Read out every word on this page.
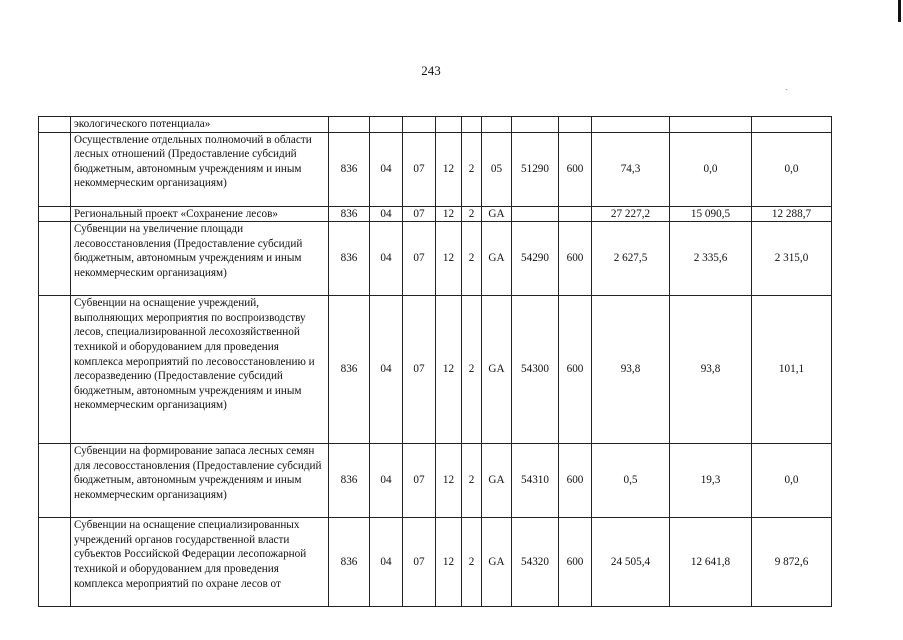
243
ˏ
	экологического потенциала»											
	Осуществление отдельных полномочий в области лесных отношений (Предоставление субсидий бюджетным, автономным учреждениям и иным некоммерческим организациям)	836	04	07	12	2	05	51290	600	74,3	0,0	0,0
	Региональный проект «Сохранение лесов»	836	04	07	12	2	GA			27 227,2	15 090,5	12 288,7
	Субвенции на увеличение площади лесовосстановления (Предоставление субсидий бюджетным, автономным учреждениям и иным некоммерческим организациям)	836	04	07	12	2	GA	54290	600	2 627,5	2 335,6	2 315,0
	Субвенции на оснащение учреждений, выполняющих мероприятия по воспроизводству лесов, специализированной лесохозяйственной техникой и оборудованием для проведения комплекса мероприятий по лесовосстановлению и лесоразведению (Предоставление субсидий бюджетным, автономным учреждениям и иным некоммерческим организациям)	836	04	07	12	2	GA	54300	600	93,8	93,8	101,1
	Субвенции на формирование запаса лесных семян для лесовосстановления (Предоставление субсидий бюджетным, автономным учреждениям и иным некоммерческим организациям)	836	04	07	12	2	GA	54310	600	0,5	19,3	0,0
	Субвенции на оснащение специализированных учреждений органов государственной власти субъектов Российской Федерации лесопожарной техникой и оборудованием для проведения комплекса мероприятий по охране лесов от	836	04	07	12	2	GA	54320	600	24 505,4	12 641,8	9 872,6
